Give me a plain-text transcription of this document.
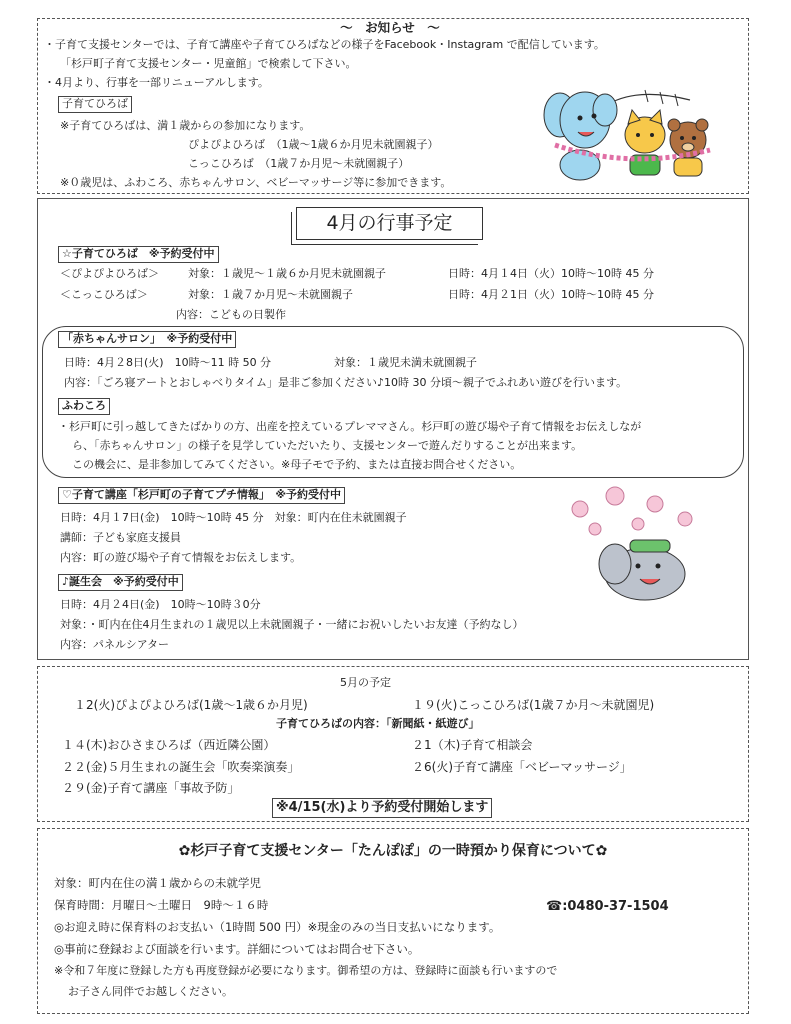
～　お知らせ　～
・子育て支援センターでは、子育て講座や子育てひろばなどの様子をFacebook・Instagram で配信しています。
「杉戸町子育て支援センター・児童館」で検索して下さい。
・4月より、行事を一部リニューアルします。
子育てひろば
※子育てひろばは、満１歳からの参加になります。
ぴよぴよひろば　（1歳～1歳６か月児未就園親子）
こっこひろば　（1歳７か月児～未就園親子）
※０歳児は、ふわころ、赤ちゃんサロン、ベビーマッサージ等に参加できます。
4月の行事予定
☆子育てひろば　※予約受付中
＜ぴよぴよひろば＞	対象：１歳児～１歳６か月児未就園親子	日時：4月１4日（火）10時～10時 45 分
＜こっこひろば＞	対象：１歳７か月児～未就園親子	日時：4月２1日（火）10時～10時 45 分
内容：こどもの日製作
「赤ちゃんサロン」　※予約受付中
日時：4月２8日(火)　10時～11 時 50 分	対象：１歳児未満未就園親子
内容：「ごろ寝アートとおしゃべりタイム」是非ご参加ください♪10時 30 分頃～親子でふれあい遊びを行います。
ふわころ
・杉戸町に引っ越してきたばかりの方、出産を控えているプレママさん。杉戸町の遊び場や子育て情報をお伝えしなが
ら、「赤ちゃんサロン」の様子を見学していただいたり、支援センターで遊んだりすることが出来ます。
この機会に、是非参加してみてください。※母子モで予約、または直接お問合せください。
♡子育て講座「杉戸町の子育てプチ情報」　※予約受付中
日時：4月１7日(金)　10時～10時 45 分　対象：町内在住未就園親子
講師：子ども家庭支援員
内容：町の遊び場や子育て情報をお伝えします。
♪誕生会　※予約受付中
日時：4月２4日(金)　10時～10時３0分
対象：・町内在住4月生まれの１歳児以上未就園親子・一緒にお祝いしたいお友達（予約なし）
内容：パネルシアター
5月の予定
１2(火)ぴよぴよひろば(1歳～1歳６か月児)	１９(火)こっこひろば(1歳７か月～未就園児)
子育てひろばの内容：「新聞紙・紙遊び」
１４(木)おひさまひろば（西近隣公園）	２1（木)子育て相談会
２２(金)５月生まれの誕生会「吹奏楽演奏」	２6(火)子育て講座「ベビーマッサージ」
２９(金)子育て講座「事故予防」
※4/15(水)より予約受付開始します
✿杉戸子育て支援センター「たんぽぽ」の一時預かり保育について✿
対象：町内在住の満１歳からの未就学児
保育時間：月曜日～土曜日　9時～１６時	☎:0480-37-1504
◎お迎え時に保育料のお支払い（1時間 500 円）※現金のみの当日支払いになります。
◎事前に登録および面談を行います。詳細についてはお問合せ下さい。
※令和７年度に登録した方も再度登録が必要になります。御希望の方は、登録時に面談も行いますので
お子さん同伴でお越しください。
